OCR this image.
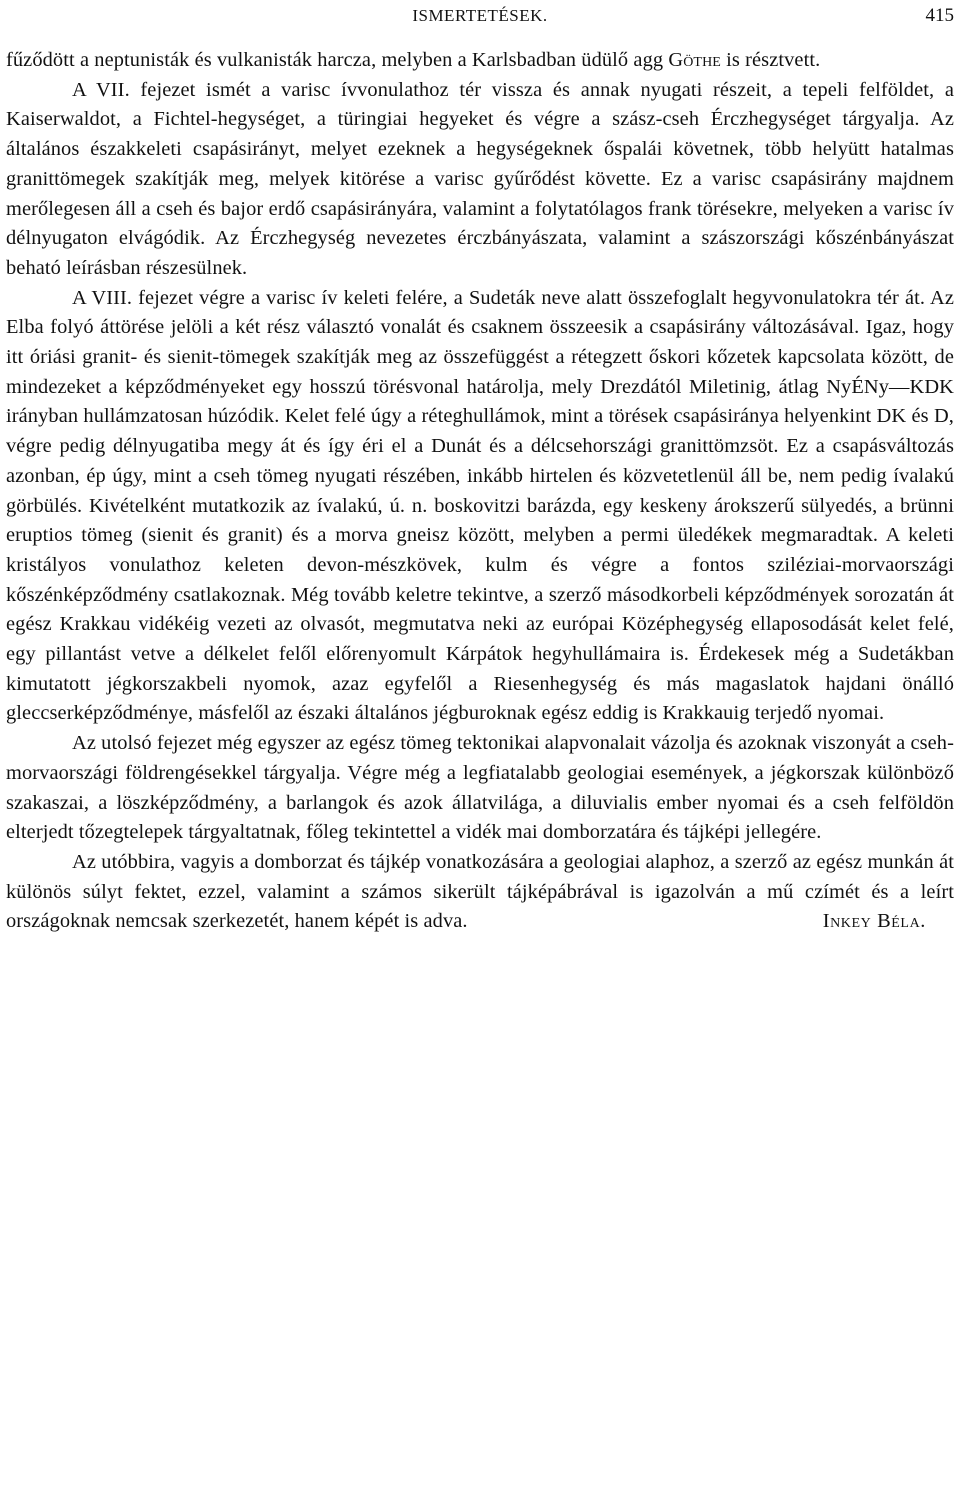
ISMERTETÉSEK.	415

fűződött a neptunisták és vulkanisták harcza, melyben a Karlsbadban üdülő agg Göthe is résztvett.

A VII. fejezet ismét a varisc ívvonulathoz tér vissza és annak nyugati részeit, a tepeli felföldet, a Kaiserwaldot, a Fichtel-hegységet, a türingiai hegyeket és végre a szász-cseh Érczhegységet tárgyalja. Az általános északkeleti csapásirányt, melyet ezeknek a hegységeknek őspalái követnek, több helyütt hatalmas granittömegek szakítják meg, melyek kitörése a varisc gyűrődést követte. Ez a varisc csapásirány majdnem merőlegesen áll a cseh és bajor erdő csapásirányára, valamint a folytatólagos frank törésekre, melyeken a varisc ív délnyugaton elvágódik. Az Érczhegység nevezetes érczbányászata, valamint a szászországi kőszénbányászat beható leírásban részesülnek.

A VIII. fejezet végre a varisc ív keleti felére, a Sudeták neve alatt összefoglalt hegyvonulatokra tér át. Az Elba folyó áttörése jelöli a két rész választó vonalát és csaknem összeesik a csapásirány változásával. Igaz, hogy itt óriási granit- és sienit-tömegek szakítják meg az összefüggést a rétegzett őskori kőzetek kapcsolata között, de mindezeket a képződményeket egy hosszú törésvonal határolja, mely Drezdától Miletinig, átlag NyÉNy—KDK irányban hullámzatosan húzódik. Kelet felé úgy a réteghullámok, mint a törések csapásiránya helyenkint DK és D, végre pedig délnyugatiba megy át és így éri el a Dunát és a délcsehországi granittömzsöt. Ez a csapásváltozás azonban, ép úgy, mint a cseh tömeg nyugati részében, inkább hirtelen és közvetetlenül áll be, nem pedig ívalakú görbülés. Kivételként mutatkozik az ívalakú, ú. n. boskovitzi barázda, egy keskeny árokszerű sülyedés, a brünni eruptios tömeg (sienit és granit) és a morva gneisz között, melyben a permi üledékek megmaradtak. A keleti kristályos vonulathoz keleten devon-mészkövek, kulm és végre a fontos sziléziai-morvaországi kőszénképződmény csatlakoznak. Még tovább keletre tekintve, a szerző másodkorbeli képződmények sorozatán át egész Krakkau vidékéig vezeti az olvasót, megmutatva neki az európai Középhegység ellaposodását kelet felé, egy pillantást vetve a délkelet felől előrenyomult Kárpátok hegyhullámaira is. Érdekesek még a Sudetákban kimutatott jégkorszakbeli nyomok, azaz egyfelől a Riesenhegység és más magaslatok hajdani önálló gleccserképződménye, másfelől az északi általános jégburoknak egész eddig is Krakkauig terjedő nyomai.

Az utolsó fejezet még egyszer az egész tömeg tektonikai alapvonalait vázolja és azoknak viszonyát a cseh-morvaországi földrengésekkel tárgyalja. Végre még a legfiatalabb geologiai események, a jégkorszak különböző szakaszai, a löszképződmény, a barlangok és azok állatvilága, a diluvialis ember nyomai és a cseh felföldön elterjedt tőzegtelepek tárgyaltatnak, főleg tekintettel a vidék mai domborzatára és tájképi jellegére.

Az utóbbira, vagyis a domborzat és tájkép vonatkozására a geologiai alaphoz, a szerző az egész munkán át különös súlyt fektet, ezzel, valamint a számos sikerült tájképábrával is igazolván a mű czímét és a leírt országoknak nemcsak szerkezetét, hanem képét is adva.	Inkey Béla.
